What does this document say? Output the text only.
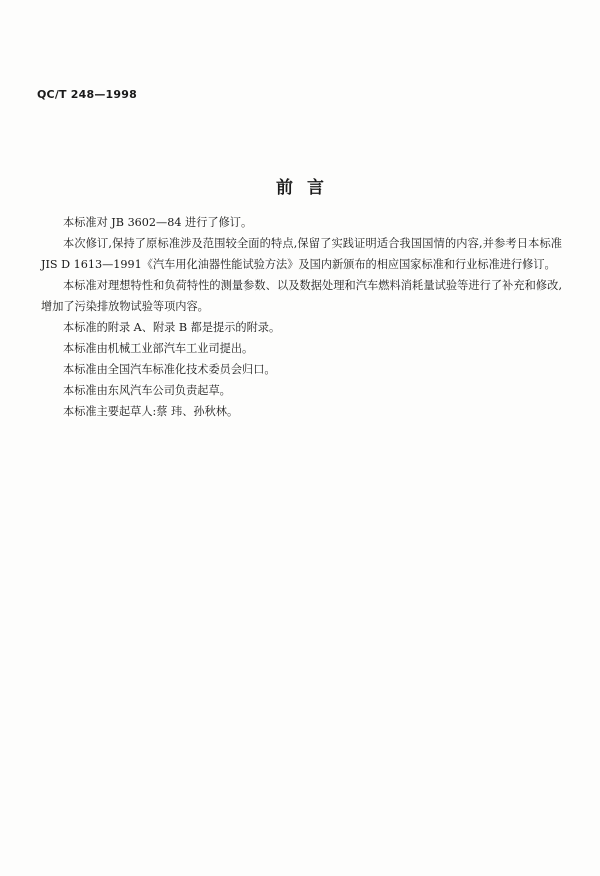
QC/T 248—1998
前言

本标准对 JB 3602—84 进行了修订。

本次修订,保持了原标准涉及范围较全面的特点,保留了实践证明适合我国国情的内容,并参考日本标准 JIS D 1613—1991《汽车用化油器性能试验方法》及国内新颁布的相应国家标准和行业标准进行修订。

本标准对理想特性和负荷特性的测量参数、以及数据处理和汽车燃料消耗量试验等进行了补充和修改,增加了污染排放物试验等项内容。

本标准的附录 A、附录 B 都是提示的附录。

本标准由机械工业部汽车工业司提出。

本标准由全国汽车标准化技术委员会归口。

本标准由东风汽车公司负责起草。

本标准主要起草人:蔡 玮、孙秋林。
